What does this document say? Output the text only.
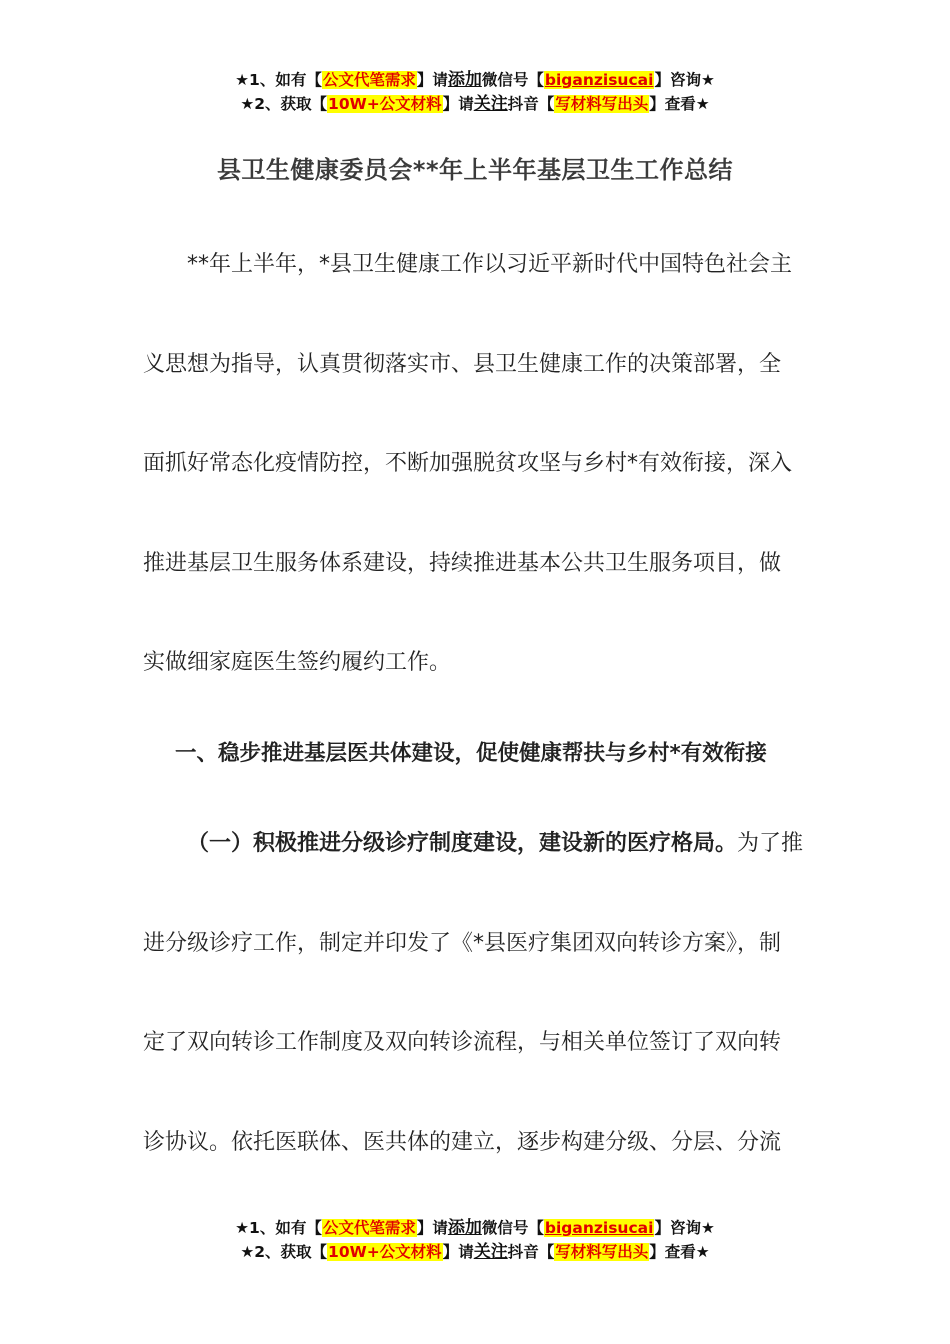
★1、如有【公文代笔需求】请添加微信号【biganzisucai】咨询★
★2、获取【10W+公文材料】请关注抖音【写材料写出头】查看★
县卫生健康委员会**年上半年基层卫生工作总结
　　**年上半年，*县卫生健康工作以习近平新时代中国特色社会主
义思想为指导，认真贯彻落实市、县卫生健康工作的决策部署，全
面抓好常态化疫情防控，不断加强脱贫攻坚与乡村*有效衔接，深入
推进基层卫生服务体系建设，持续推进基本公共卫生服务项目，做
实做细家庭医生签约履约工作。
一、稳步推进基层医共体建设，促使健康帮扶与乡村*有效衔接
（一）积极推进分级诊疗制度建设，建设新的医疗格局。为了推
进分级诊疗工作，制定并印发了《*县医疗集团双向转诊方案》，制
定了双向转诊工作制度及双向转诊流程，与相关单位签订了双向转
诊协议。依托医联体、医共体的建立，逐步构建分级、分层、分流
★1、如有【公文代笔需求】请添加微信号【biganzisucai】咨询★
★2、获取【10W+公文材料】请关注抖音【写材料写出头】查看★
